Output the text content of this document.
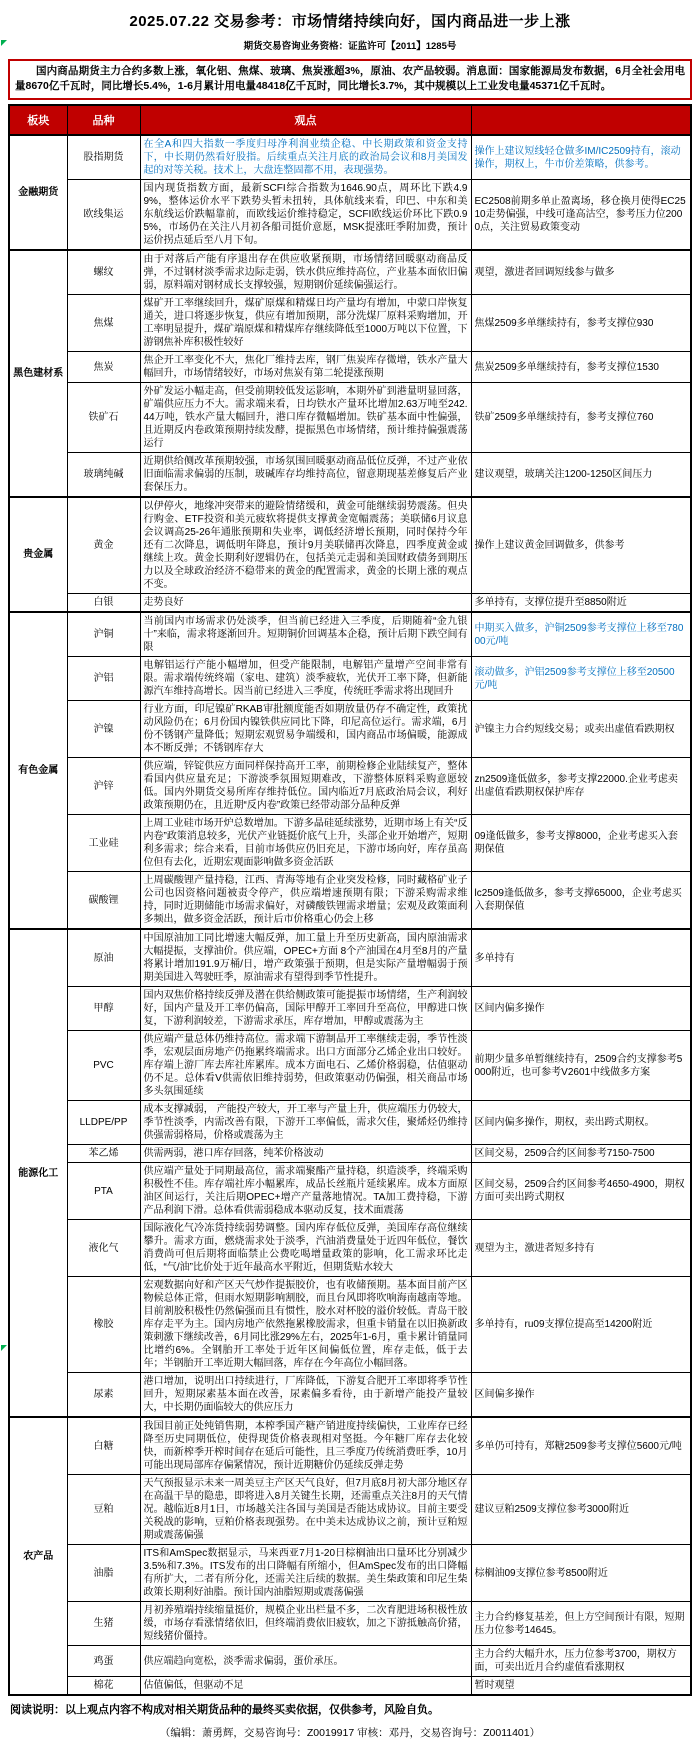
2025.07.22 交易参考：市场情绪持续向好，国内商品进一步上涨
期货交易咨询业务资格：证监许可【2011】1285号
国内商品期货主力合约多数上涨，氧化铝、焦煤、玻璃、焦炭涨超3%，原油、农产品较弱。消息面：国家能源局发布数据，6月全社会用电量8670亿千瓦时，同比增长5.4%，1-6月累计用电量48418亿千瓦时，同比增长3.7%，其中规模以上工业发电量45371亿千瓦时。
板块	品种	观点	
金融期货	股指期货	在全A和四大指数一季度归母净利润业绩企稳、中长期政策和资金支持下，中长期仍然看好股指。后续重点关注月底的政治局会议和8月美国发起的对等关税。技术上，大盘连整固都不用，表现强势。	操作上建议短线轻仓做多IM/IC2509持有，滚动操作，期权上，牛市价差策略，供参考。
	欧线集运	国内现货指数方面，最新SCFI综合指数为1646.90点，周环比下跌4.99%，整体运价水平下跌势头暂未扭转，具体航线来看，印巴、中东和美东航线运价跌幅靠前，而欧线运价维持稳定，SCFI欧线运价环比下跌0.95%，市场仍在关注八月初各船司挺价意愿，MSK提涨旺季附加费，预计运价拐点延后至八月下旬。	EC2508前期多单止盈离场，移仓换月使得EC2510走势偏强，中线可逢高沽空，参考压力位2000点，关注贸易政策变动
黑色建材系	螺纹	由于对落后产能有序退出存在供应收紧预期，市场情绪回暖驱动商品反弹，不过钢材淡季需求边际走弱，铁水供应维持高位，产业基本面依旧偏弱，原料端对钢材成长支撑较强，短期钢价延续偏强运行。	观望，激进者回调短线参与做多
	焦煤	煤矿开工率继续回升，煤矿原煤和精煤日均产量均有增加，中蒙口岸恢复通关，进口将逐步恢复，供应有增加预期，部分洗煤厂原料采购增加，开工率明显提升，煤矿端原煤和精煤库存继续降低至1000万吨以下位置，下游钢焦补库积极性较好	焦煤2509多单继续持有，参考支撑位930
	焦炭	焦企开工率变化不大，焦化厂维持去库，钢厂焦炭库存微增，铁水产量大幅回升，市场情绪较好，市场对焦炭有第二轮提涨预期	焦炭2509多单继续持有，参考支撑位1530
	铁矿石	外矿发运小幅走高，但受前期较低发运影响，本期外矿到港量明显回落，矿端供应压力不大。需求端来看，日均铁水产量环比增加2.63万吨至242.44万吨，铁水产量大幅回升，港口库存微幅增加。铁矿基本面中性偏强，且近期反内卷政策预期持续发酵，提振黑色市场情绪，预计维持偏强震荡运行	铁矿2509多单继续持有，参考支撑位760
	玻璃纯碱	近期供给侧改革预期较强，市场氛围回暖驱动商品低位反弹，不过产业依旧面临需求偏弱的压制，玻碱库存均维持高位，留意期现基差修复后产业套保压力。	建议观望，玻璃关注1200-1250区间压力
贵金属	黄金	以伊停火，地缘冲突带来的避险情绪缓和，黄金可能继续弱势震荡。但央行购金、ETF投资和美元疲软将提供支撑黄金宽幅震荡；美联储6月议息会议调高25-26年通胀预期和失业率，调低经济增长预期，同时保持今年还有二次降息，调低明年降息，预计9月美联储再次降息，四季度黄金或继续上攻。黄金长期利好逻辑仍在，包括美元走弱和美国财政债务到期压力以及全球政治经济不稳带来的黄金的配置需求，黄金的长期上涨的观点不变。	操作上建议黄金回调做多，供参考
	白银	走势良好	多单持有，支撑位提升至8850附近
有色金属	沪铜	当前国内市场需求仍处淡季，但当前已经进入三季度，后期随着“金九银十”来临，需求将逐渐回升。短期铜价回调基本企稳，预计后期下跌空间有限	中期买入做多，沪铜2509参考支撑位上移至78000元/吨
	沪铝	电解铝运行产能小幅增加，但受产能限制，电解铝产量增产空间非常有限。需求端传统终端（家电、建筑）淡季疲软，光伏开工率下降，但新能源汽车维持高增长。因当前已经进入三季度，传统旺季需求将出现回升	滚动做多，沪铝2509参考支撑位上移至20500元/吨
	沪镍	行业方面，印尼镍矿RKAB审批额度能否如期放量仍存不确定性，政策扰动风险仍在；6月份国内镍铁供应同比下降，印尼高位运行。需求端，6月份不锈钢产量降低；短期宏观贸易争端缓和，国内商品市场偏暖，能源成本不断反弹；不锈钢库存大	沪镍主力合约短线交易；或卖出虚值看跌期权
	沪锌	供应端，锌锭供应方面同样保持高开工率，前期检修企业陆续复产，整体看国内供应量充足；下游淡季氛围短期难改，下游整体原料采购意愿较低。国内外期货交易所库存维持低位。国内临近7月底政治局会议，利好政策预期仍在，且近期“反内卷”政策已经带动部分品种反弹	zn2509逢低做多，参考支撑22000.企业考虑卖出虚值看跌期权保护库存
	工业硅	上周工业硅市场开炉总数增加。下游多晶硅延续涨势，近期市场上有关“反内卷”政策消息较多，光伏产业链挺价底气上升，头部企业开始增产，短期利多需求；综合来看，目前市场供应仍旧充足，下游市场向好，库存虽高位但有去化，近期宏观面影响做多资金活跃	09逢低做多，参考支撑8000，企业考虑买入套期保值
	碳酸锂	上周碳酸锂产量持稳，江西、青海等地有企业突发检修，同时藏格矿业子公司也因资格问题被责令停产，供应端增速预期有限；下游采购需求维持，同时近期储能市场需求偏好，对磷酸铁锂需求增量；宏观及政策面利多频出，做多资金活跃，预计后市价格重心仍会上移	lc2509逢低做多，参考支撑65000，企业考虑买入套期保值
能源化工	原油	中国原油加工同比增速大幅反弹，加工量上升至历史新高，国内原油需求大幅提振，支撑油价。供应端，OPEC+方面 8个产油国在4月至8月的产量将累计增加191.9万桶/日，增产政策强于预期，但是实际产量增幅弱于预期美国进入驾驶旺季，原油需求有望得到季节性提升。	多单持有
	甲醇	国内双焦价格持续反弹及潜在供给侧政策可能提振市场情绪，生产利润较好，国内产量及开工率仍偏高，国际甲醇开工率回升至高位，甲醇进口恢复，下游利润较差，下游需求承压，库存增加，甲醇或震荡为主	区间内偏多操作
	PVC	供应端产量总体仍维持高位。需求端下游制品开工率继续走弱，季节性淡季，宏观层面房地产仍拖累终端需求。出口方面部分乙烯企业出口较好。库存端上游厂库去库社库累库。成本方面电石、乙烯价格弱稳，估值驱动仍不足。总体看V供需依旧维持弱势，但政策驱动仍偏强，相关商品市场多头氛围延续	前期少量多单暂继续持有，2509合约支撑参考5000附近，也可参考V2601中线做多方案
	LLDPE/PP	成本支撑减弱， 产能投产较大，开工率与产量上升，供应端压力仍较大，季节性淡季，内需改善有限，下游开工率偏低，需求欠佳，聚烯烃仍维持供强需弱格局，价格或震荡为主	区间内偏多操作，期权，卖出跨式期权。
	苯乙烯	供需两弱，港口库存回落，纯苯价格波动	区间交易，2509合约区间参考7150-7500
	PTA	供应端产量处于同期最高位，需求端聚酯产量持稳，织造淡季，终端采购积极性不佳。库存端社库小幅累库，成品长丝瓶片延续累库。成本方面原油区间运行，关注后期OPEC+增产产量落地情况。TA加工费持稳，下游产品利润下滑。总体看供需弱稳成本驱动反复，技术面震荡	区间交易，2509合约区间参考4650-4900，期权方面可卖出跨式期权
	液化气	国际液化气冷冻货持续弱势调整。国内库存低位反弹，美国库存高位继续攀升。需求方面，燃烧需求处于淡季，汽油消费量处于近四年低位，餐饮消费尚可但后期将面临禁止公费吃喝增量政策的影响，化工需求环比走低，“气/油”比价处于近年最高水平附近，但期货贴水较大	观望为主，激进者短多持有
	橡胶	宏观数据向好和产区天气炒作提振胶价，也有收储预期。基本面目前产区物候总体正常，但雨水短期影响割胶，而且台风即将吹响海南越南等地。目前割胶积极性仍然偏强而且有惯性，胶水对杯胶的溢价较低。青岛干胶库存走平为主。国内房地产依然拖累橡胶需求，但重卡销量在以旧换新政策刺激下继续改善，6月同比涨29%左右，2025年1-6月，重卡累计销量同比增约6%。全钢胎开工率处于近年区间偏低位置，库存走低，低于去年；半钢胎开工率近期大幅回落，库存在今年高位小幅回落。	多单持有，ru09支撑位提高至14200附近
	尿素	港口增加，说明出口持续进行，厂库降低，下游复合肥开工率即将季节性回升，短期尿素基本面在改善，尿素偏多看待，由于新增产能投产量较大，中长期仍面临较大的供应压力	区间偏多操作
农产品	白糖	我国目前正处纯销售期，本榨季国产糖产销进度持续偏快，工业库存已经降至历史同期低位，使得现货价格表现相对坚挺。今年糖厂库存去化较快，而新榨季开榨时间存在延后可能性，且三季度乃传统消费旺季，10月可能出现局部库存偏紧情况，预计近期糖价仍延续反弹走势	多单仍可持有，郑糖2509参考支撑位5600元/吨
	豆粕	天气预报显示未来一周美豆主产区天气良好，但7月底8月初大部分地区存在高温干旱的隐患，即将进入8月关键生长期，还需重点关注8月的天气情况。越临近8月1日，市场越关注各国与美国是否能达成协议。目前主要受关税战的影响，豆粕价格表现强势。在中美未达成协议之前，预计豆粕短期或震荡偏强	建议豆粕2509支撑位参考3000附近
	油脂	ITS和AmSpec数据显示，马来西亚7月1-20日棕榈油出口量环比分别减少3.5%和7.3%。ITS发布的出口降幅有所缩小，但AmSpec发布的出口降幅有所扩大，二者有所分化，还需关注后续的数据。美生柴政策和印尼生柴政策长期利好油脂。预计国内油脂短期或震荡偏强	棕榈油09支撑位参考8500附近
	生猪	月初养殖端持续缩量挺价，规模企业出栏量不多，二次育肥进场积极性放缓，市场存看涨情绪依旧，但终端消费依旧疲软，加之下游抵触高价猪，短线猪价僵持。	主力合约修复基差，但上方空间预计有限，短期压力位参考14645。
	鸡蛋	供应端趋向宽松，淡季需求偏弱，蛋价承压。	主力合约大幅升水，压力位参考3700，期权方面，可卖出近月合约虚值看涨期权
	棉花	估值偏低，但驱动不足	暂时观望
阅读说明：以上观点内容不构成对相关期货品种的最终买卖依据，仅供参考，风险自负。
（编辑：萧勇辉，交易咨询号：Z0019917 审核：邓丹，交易咨询号：Z0011401）
